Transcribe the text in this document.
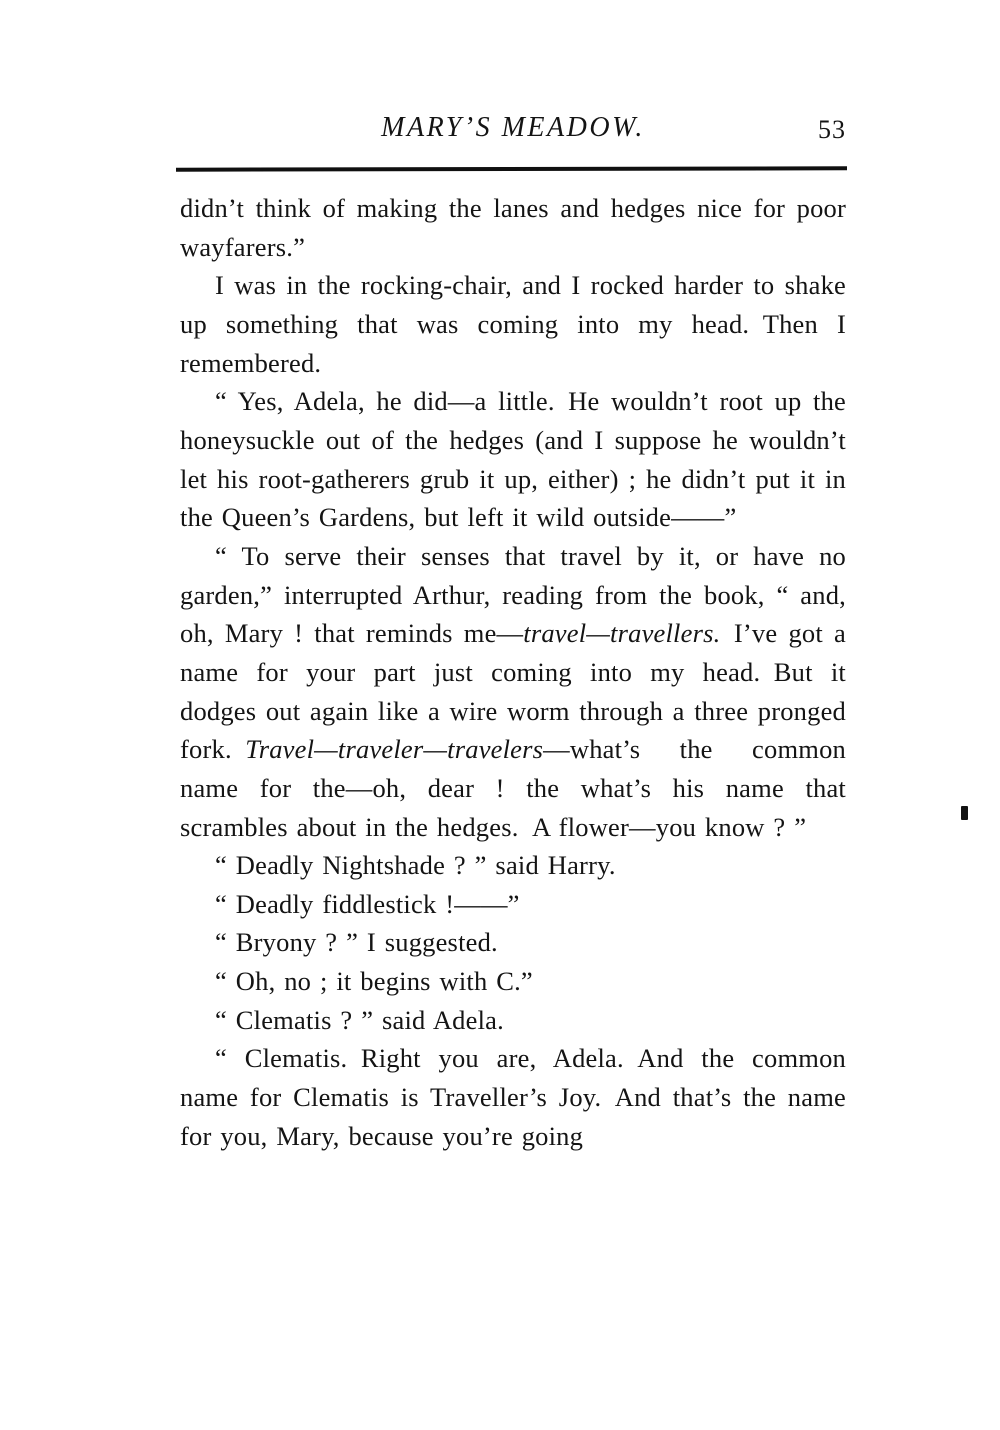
MARY’S MEADOW.	53

didn’t think of making the lanes and hedges nice for poor wayfarers.”

I was in the rocking-chair, and I rocked harder to shake up something that was coming into my head. Then I remembered.

“ Yes, Adela, he did—a little. He wouldn’t root up the honeysuckle out of the hedges (and I suppose he wouldn’t let his root-gatherers grub it up, either) ; he didn’t put it in the Queen’s Gardens, but left it wild outside——”

“ To serve their senses that travel by it, or have no garden,” interrupted Arthur, reading from the book, “ and, oh, Mary ! that reminds me—travel—travellers. I’ve got a name for your part just coming into my head. But it dodges out again like a wire worm through a three pronged fork. Travel—traveler—travelers—what’s the common name for the—oh, dear ! the what’s his name that scrambles about in the hedges. A flower—you know ? ”

“ Deadly Nightshade ? ” said Harry.

“ Deadly fiddlestick !——”

“ Bryony ? ” I suggested.

“ Oh, no ; it begins with C.”

“ Clematis ? ” said Adela.

“ Clematis. Right you are, Adela. And the common name for Clematis is Traveller’s Joy. And that’s the name for you, Mary, because you’re going
